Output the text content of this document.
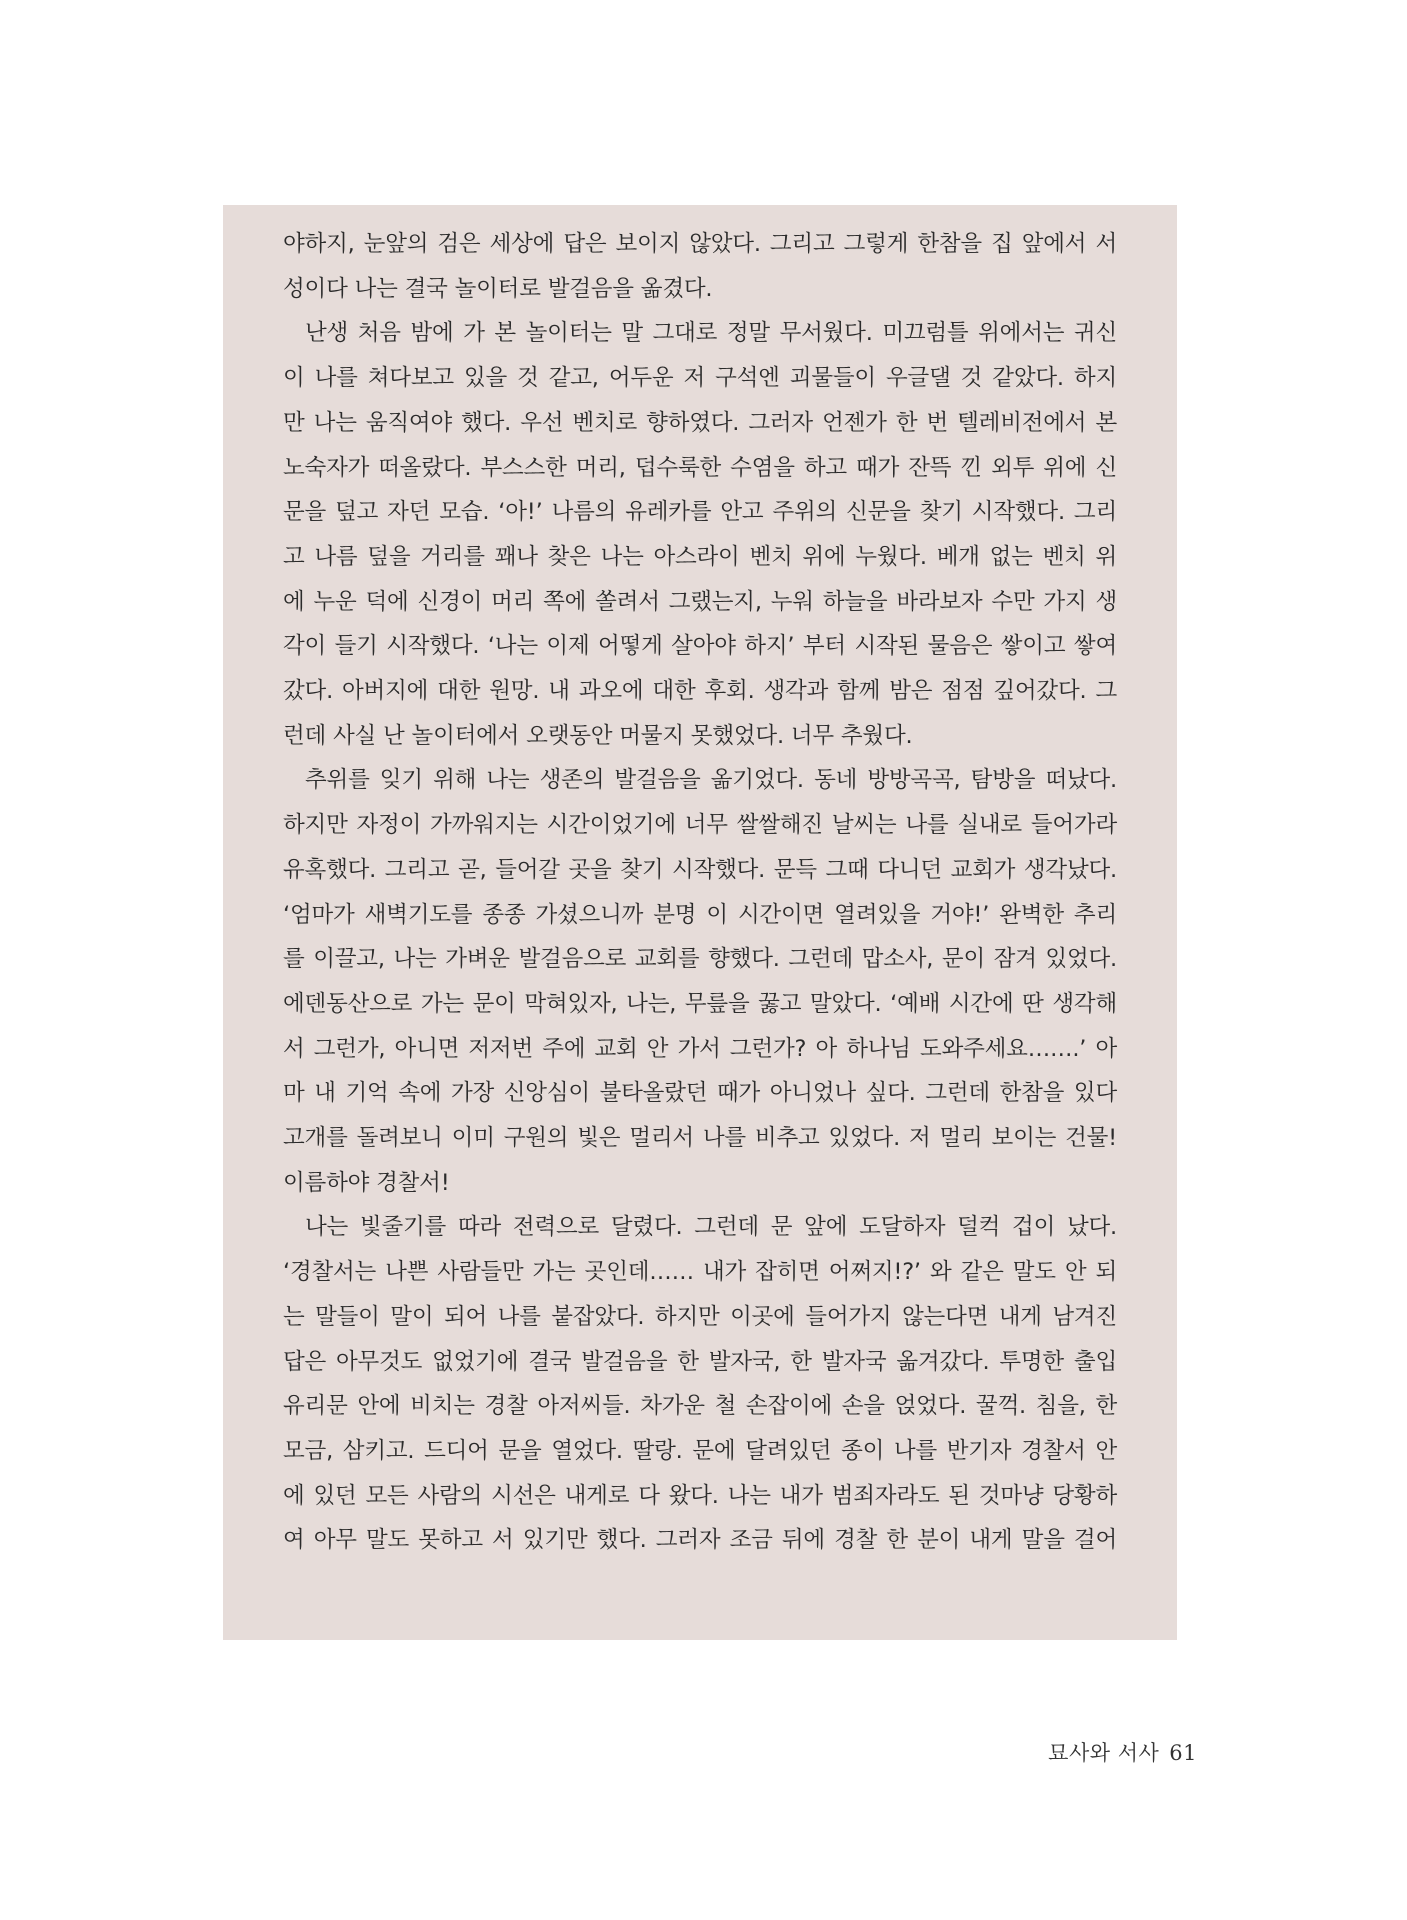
야하지, 눈앞의 검은 세상에 답은 보이지 않았다. 그리고 그렇게 한참을 집 앞에서 서
성이다 나는 결국 놀이터로 발걸음을 옮겼다.
난생 처음 밤에 가 본 놀이터는 말 그대로 정말 무서웠다. 미끄럼틀 위에서는 귀신
이 나를 쳐다보고 있을 것 같고, 어두운 저 구석엔 괴물들이 우글댈 것 같았다. 하지
만 나는 움직여야 했다. 우선 벤치로 향하였다. 그러자 언젠가 한 번 텔레비전에서 본
노숙자가 떠올랐다. 부스스한 머리, 덥수룩한 수염을 하고 때가 잔뜩 낀 외투 위에 신
문을 덮고 자던 모습. ‘아!’ 나름의 유레카를 안고 주위의 신문을 찾기 시작했다. 그리
고 나름 덮을 거리를 꽤나 찾은 나는 아스라이 벤치 위에 누웠다. 베개 없는 벤치 위
에 누운 덕에 신경이 머리 쪽에 쏠려서 그랬는지, 누워 하늘을 바라보자 수만 가지 생
각이 들기 시작했다. ‘나는 이제 어떻게 살아야 하지’ 부터 시작된 물음은 쌓이고 쌓여
갔다. 아버지에 대한 원망. 내 과오에 대한 후회. 생각과 함께 밤은 점점 깊어갔다. 그
런데 사실 난 놀이터에서 오랫동안 머물지 못했었다. 너무 추웠다.
추위를 잊기 위해 나는 생존의 발걸음을 옮기었다. 동네 방방곡곡, 탐방을 떠났다.
하지만 자정이 가까워지는 시간이었기에 너무 쌀쌀해진 날씨는 나를 실내로 들어가라
유혹했다. 그리고 곧, 들어갈 곳을 찾기 시작했다. 문득 그때 다니던 교회가 생각났다.
‘엄마가 새벽기도를 종종 가셨으니까 분명 이 시간이면 열려있을 거야!’ 완벽한 추리
를 이끌고, 나는 가벼운 발걸음으로 교회를 향했다. 그런데 맙소사, 문이 잠겨 있었다.
에덴동산으로 가는 문이 막혀있자, 나는, 무릎을 꿇고 말았다. ‘예배 시간에 딴 생각해
서 그런가, 아니면 저저번 주에 교회 안 가서 그런가? 아 하나님 도와주세요…….’ 아
마 내 기억 속에 가장 신앙심이 불타올랐던 때가 아니었나 싶다. 그런데 한참을 있다
고개를 돌려보니 이미 구원의 빛은 멀리서 나를 비추고 있었다. 저 멀리 보이는 건물!
이름하야 경찰서!
나는 빛줄기를 따라 전력으로 달렸다. 그런데 문 앞에 도달하자 덜컥 겁이 났다.
‘경찰서는 나쁜 사람들만 가는 곳인데…… 내가 잡히면 어쩌지!?’ 와 같은 말도 안 되
는 말들이 말이 되어 나를 붙잡았다. 하지만 이곳에 들어가지 않는다면 내게 남겨진
답은 아무것도 없었기에 결국 발걸음을 한 발자국, 한 발자국 옮겨갔다. 투명한 출입
유리문 안에 비치는 경찰 아저씨들. 차가운 철 손잡이에 손을 얹었다. 꿀꺽. 침을, 한
모금, 삼키고. 드디어 문을 열었다. 딸랑. 문에 달려있던 종이 나를 반기자 경찰서 안
에 있던 모든 사람의 시선은 내게로 다 왔다. 나는 내가 범죄자라도 된 것마냥 당황하
여 아무 말도 못하고 서 있기만 했다. 그러자 조금 뒤에 경찰 한 분이 내게 말을 걸어
묘사와 서사 61
